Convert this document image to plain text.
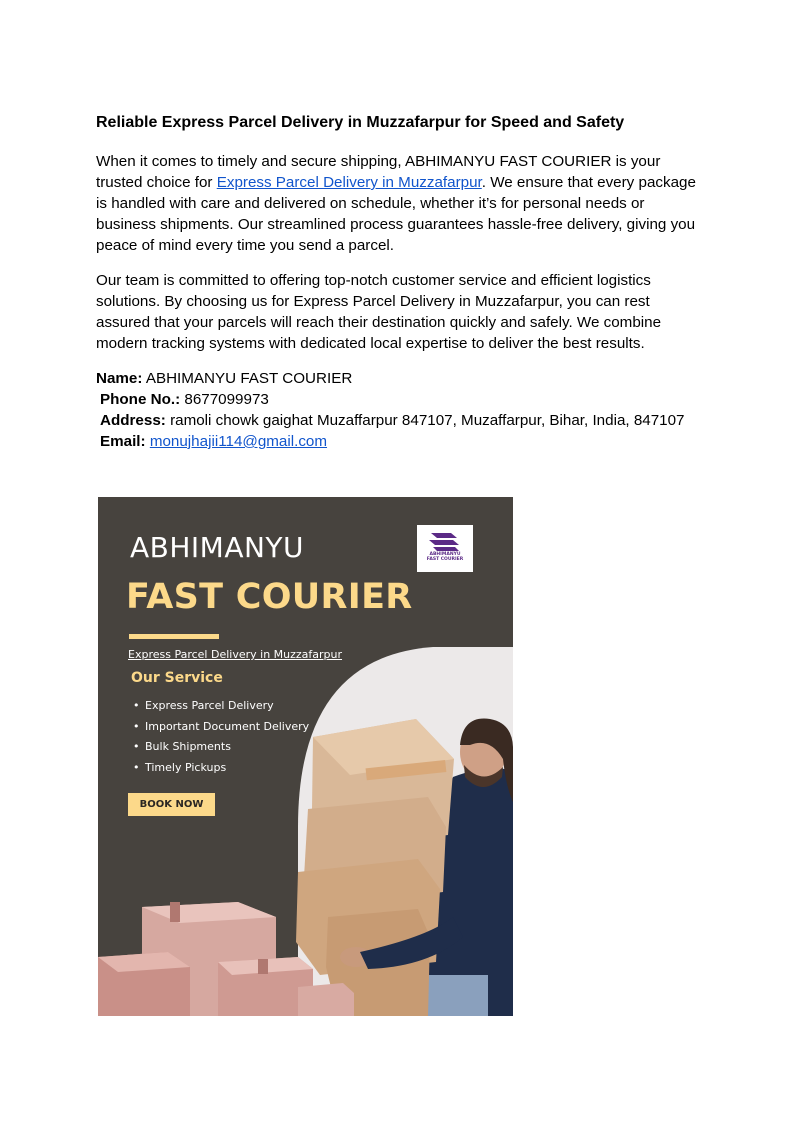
Reliable Express Parcel Delivery in Muzzafarpur for Speed and Safety

When it comes to timely and secure shipping, ABHIMANYU FAST COURIER is your trusted choice for Express Parcel Delivery in Muzzafarpur. We ensure that every package is handled with care and delivered on schedule, whether it’s for personal needs or business shipments. Our streamlined process guarantees hassle-free delivery, giving you peace of mind every time you send a parcel.

Our team is committed to offering top-notch customer service and efficient logistics solutions. By choosing us for Express Parcel Delivery in Muzzafarpur, you can rest assured that your parcels will reach their destination quickly and safely. We combine modern tracking systems with dedicated local expertise to deliver the best results.

Name: ABHIMANYU FAST COURIER

Phone No.: 8677099973

Address: ramoli chowk gaighat Muzaffarpur 847107, Muzaffarpur, Bihar, India, 847107

Email: monujhajii114@gmail.com

ABHIMANYU
FAST COURIER
Express Parcel Delivery in Muzzafarpur
Our Service
• Express Parcel Delivery
• Important Document Delivery
• Bulk Shipments
• Timely Pickups
BOOK NOW
ABHIMANYU
FAST COURIER
